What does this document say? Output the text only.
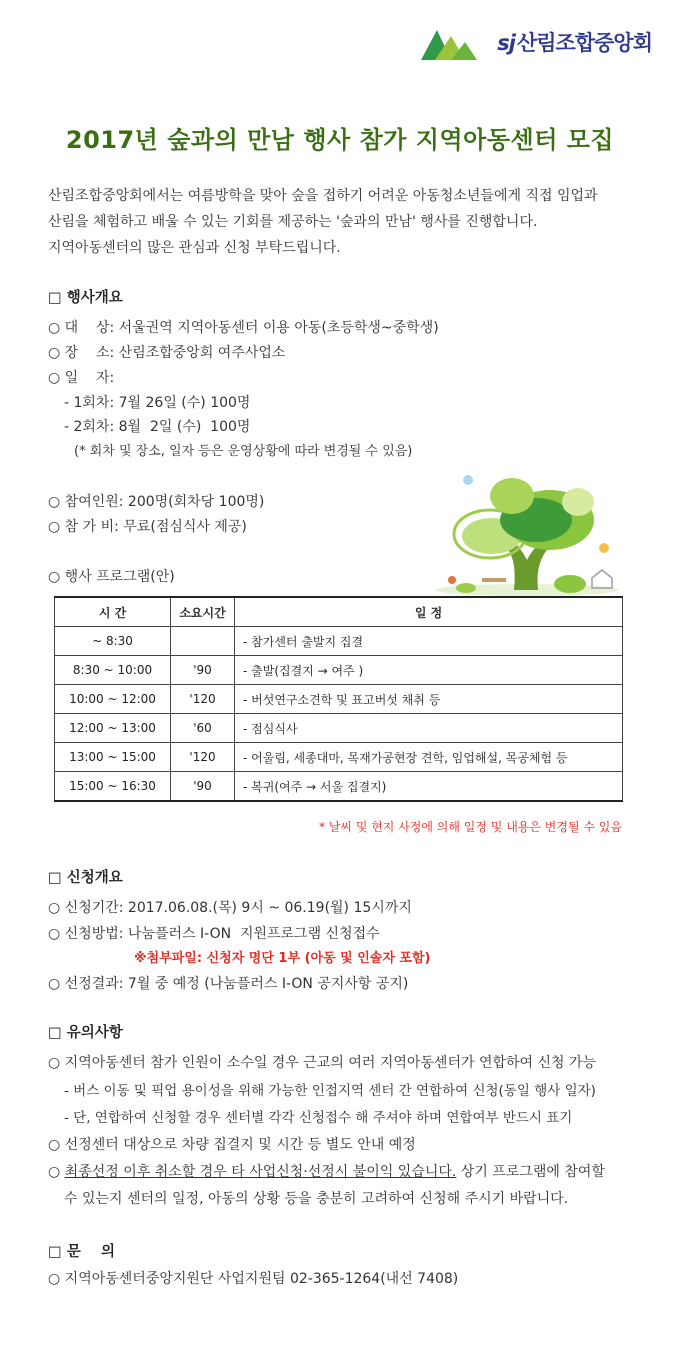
sj산림조합중앙회
2017년 숲과의 만남 행사 참가 지역아동센터 모집
산림조합중앙회에서는 여름방학을 맞아 숲을 접하기 어려운 아동청소년들에게 직접 임업과
산림을 체험하고 배울 수 있는 기회를 제공하는 '숲과의 만남' 행사를 진행합니다.
지역아동센터의 많은 관심과 신청 부탁드립니다.
□ 행사개요
○ 대    상: 서울권역 지역아동센터 이용 아동(초등학생~중학생)
○ 장    소: 산림조합중앙회 여주사업소
○ 일    자:
- 1회차: 7월 26일 (수) 100명
- 2회차: 8월  2일 (수)  100명
(* 회차 및 장소, 일자 등은 운영상황에 따라 변경될 수 있음)
○ 참여인원: 200명(회차당 100명)
○ 참 가 비: 무료(점심식사 제공)
○ 행사 프로그램(안)
시 간	소요시간	일 정
~ 8:30		- 참가센터 출발지 집결
8:30 ~ 10:00	'90	- 출발(집결지 → 여주 )
10:00 ~ 12:00	'120	- 버섯연구소견학 및 표고버섯 채취 등
12:00 ~ 13:00	'60	- 점심식사
13:00 ~ 15:00	'120	- 어울림, 세종대마, 목재가공현장 견학, 임업해설, 목공체험 등
15:00 ~ 16:30	'90	- 복귀(여주 → 서울 집결지)
* 날씨 및 현지 사정에 의해 일정 및 내용은 변경될 수 있음
□ 신청개요
○ 신청기간: 2017.06.08.(목) 9시 ~ 06.19(월) 15시까지
○ 신청방법: 나눔플러스 I-ON  지원프로그램 신청접수
※첨부파일: 신청자 명단 1부 (아동 및 인솔자 포함)
○ 선정결과: 7월 중 예정 (나눔플러스 I-ON 공지사항 공지)
□ 유의사항
○ 지역아동센터 참가 인원이 소수일 경우 근교의 여러 지역아동센터가 연합하여 신청 가능
- 버스 이동 및 픽업 용이성을 위해 가능한 인접지역 센터 간 연합하여 신청(동일 행사 일자)
- 단, 연합하여 신청할 경우 센터별 각각 신청접수 해 주셔야 하며 연합여부 반드시 표기
○ 선정센터 대상으로 차량 집결지 및 시간 등 별도 안내 예정
○ 최종선정 이후 취소할 경우 타 사업신청·선정시 불이익 있습니다. 상기 프로그램에 참여할
수 있는지 센터의 일정, 아동의 상황 등을 충분히 고려하여 신청해 주시기 바랍니다.
□ 문    의
○ 지역아동센터중앙지원단 사업지원팀 02-365-1264(내선 7408)
